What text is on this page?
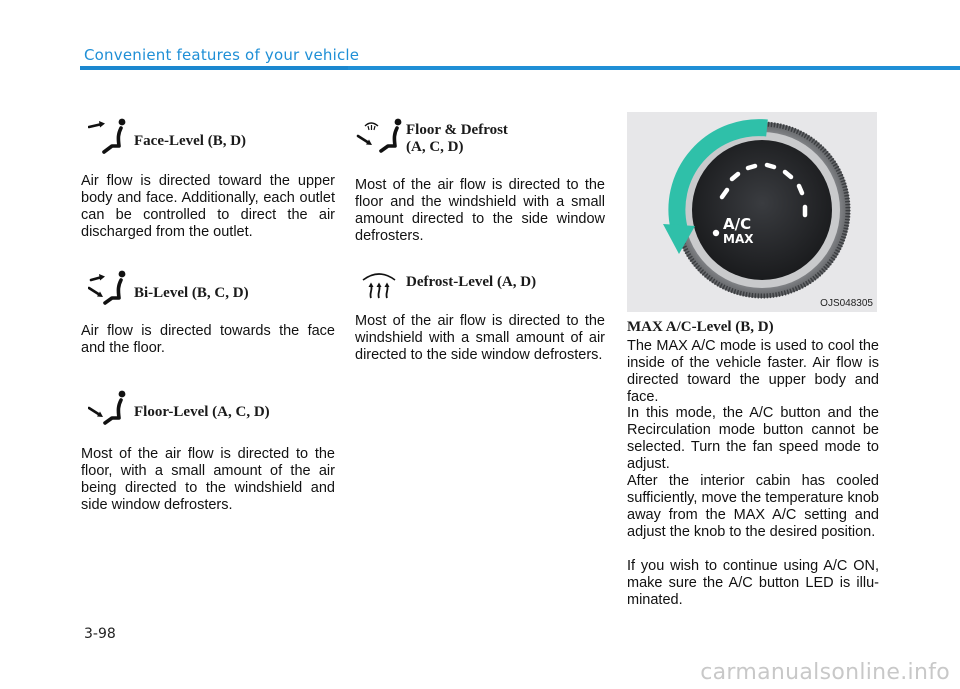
Convenient features of your vehicle
Face-Level (B, D)

Air flow is directed toward the upper body and face. Additionally, each outlet can be controlled to direct the air discharged from the outlet.

Bi-Level (B, C, D)

Air flow is directed towards the face and the floor.

Floor-Level (A, C, D)

Most of the air flow is directed to the floor, with a small amount of the air being directed to the windshield and side window defrosters.

Floor & Defrost
(A, C, D)

Most of the air flow is directed to the floor and the windshield with a small amount directed to the side window defrosters.

Defrost-Level (A, D)

Most of the air flow is directed to the windshield with a small amount of air directed to the side window defrosters.

A/C
MAX
OJS048305
MAX A/C-Level (B, D)

The MAX A/C mode is used to cool the inside of the vehicle faster. Air flow is directed toward the upper body and face.

In this mode, the A/C button and the Recirculation mode button cannot be selected. Turn the fan speed mode to adjust.

After the interior cabin has cooled sufficiently, move the temperature knob away from the MAX A/C setting and adjust the knob to the desired position.

If you wish to continue using A/C ON, make sure the A/C button LED is illu-minated.

3-98
carmanualsonline.info
